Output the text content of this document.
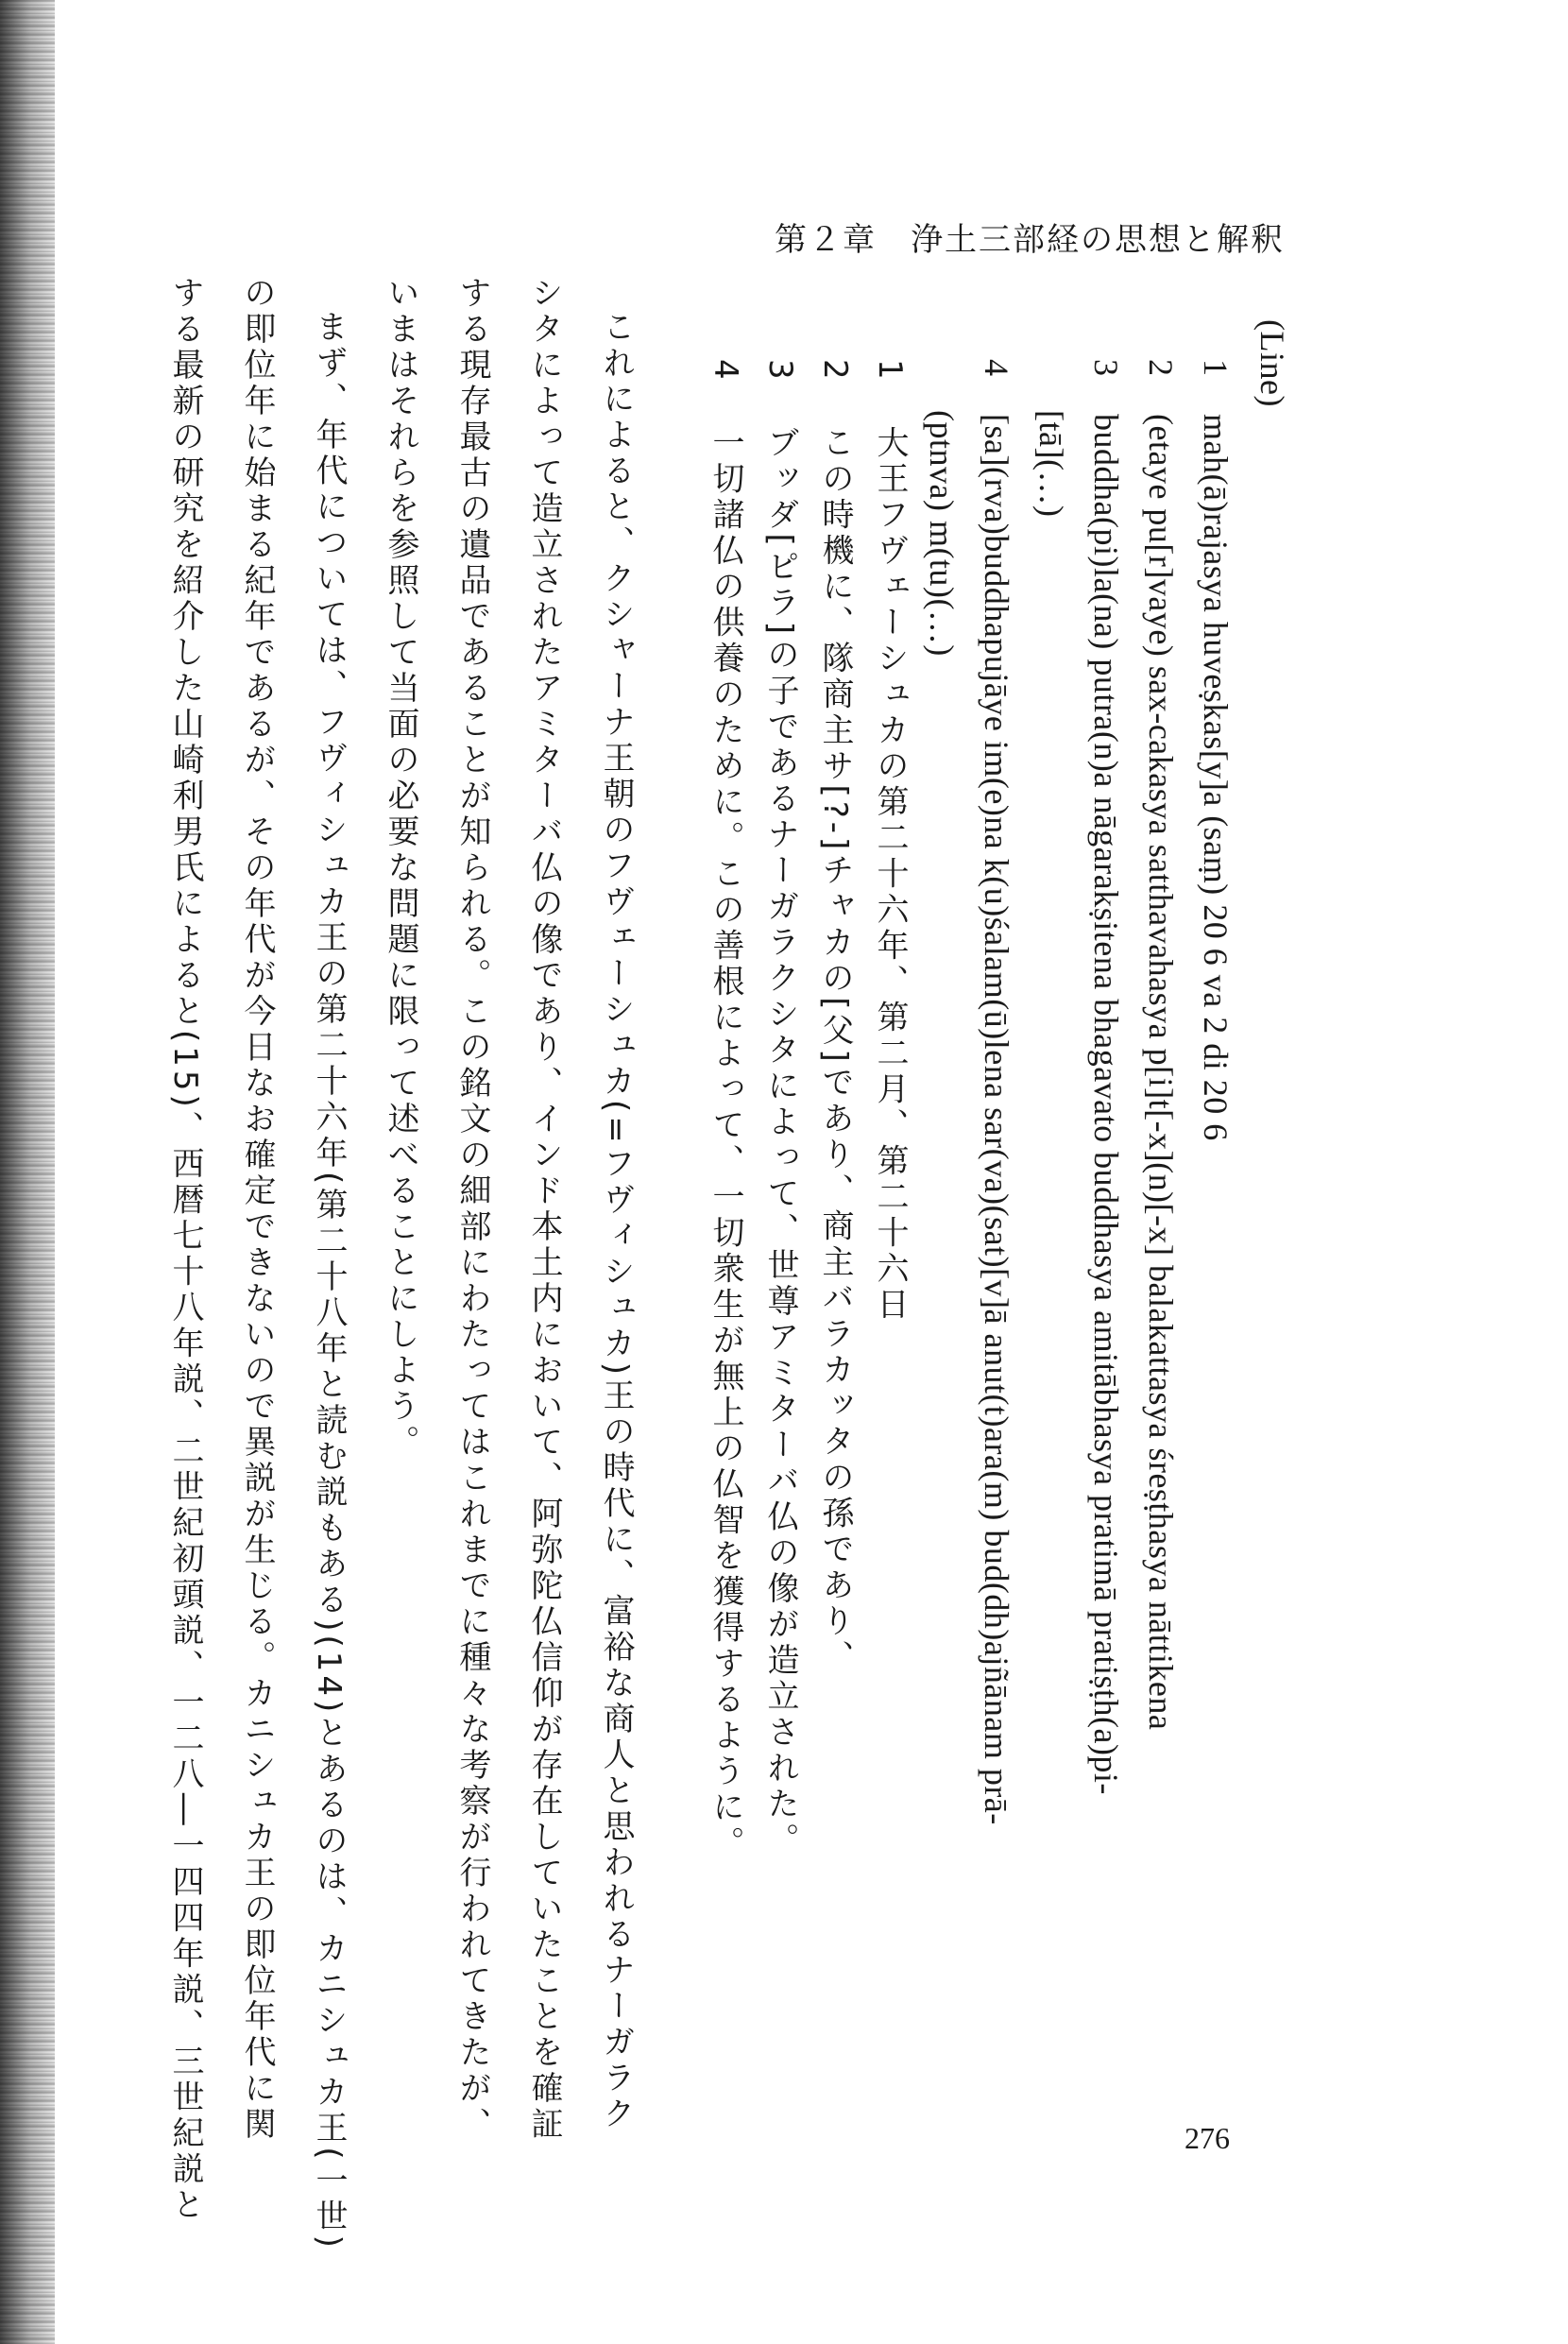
第２章　浄土三部経の思想と解釈
(Line)
1 mah(ā)rajasya huveṣkas[y]a (saṃ) 20 6 va 2 di 20 6
2 (etaye pu[r]vaye) sax-cakasya satthavahasya p[i]t[-x](n)[-x] balakattasya śreṣṭhasya nāttikena
3 buddha(pi)la(na) putra(n)a nāgarakṣitena bhagavato buddhasya amitābhasya pratimā pratiṣṭh(a)pi-
[tā](…)
4 [sa](rva)buddhapujāye im(e)na k(u)śalam(ū)lena sar(va)(sat)[v]ā anut(t)ara(m) bud(dh)ajñānam prā-
(ptnva) m(tu)(…)
1 大王フヴェーシュカの第二十六年、第二月、第二十六日
2 この時機に、隊商主サ[?-]チャカの[父]であり、商主バラカッタの孫であり、
3 ブッダ[ピラ]の子であるナーガラクシタによって、世尊アミターバ仏の像が造立された。
4 一切諸仏の供養のために。この善根によって、一切衆生が無上の仏智を獲得するように。
これによると、クシャーナ王朝のフヴェーシュカ(=フヴィシュカ)王の時代に、富裕な商人と思われるナーガラク
シタによって造立されたアミターバ仏の像であり、インド本土内において、阿弥陀仏信仰が存在していたことを確証
する現存最古の遺品であることが知られる。この銘文の細部にわたってはこれまでに種々な考察が行われてきたが、
いまはそれらを参照して当面の必要な問題に限って述べることにしよう。
まず、年代については、フヴィシュカ王の第二十六年(第二十八年と読む説もある)(14)とあるのは、カニシュカ王(一世)
の即位年に始まる紀年であるが、その年代が今日なお確定できないので異説が生じる。カニシュカ王の即位年代に関
する最新の研究を紹介した山崎利男氏によると(15)、西暦七十八年説、二世紀初頭説、一二八―一四四年説、三世紀説と	276
